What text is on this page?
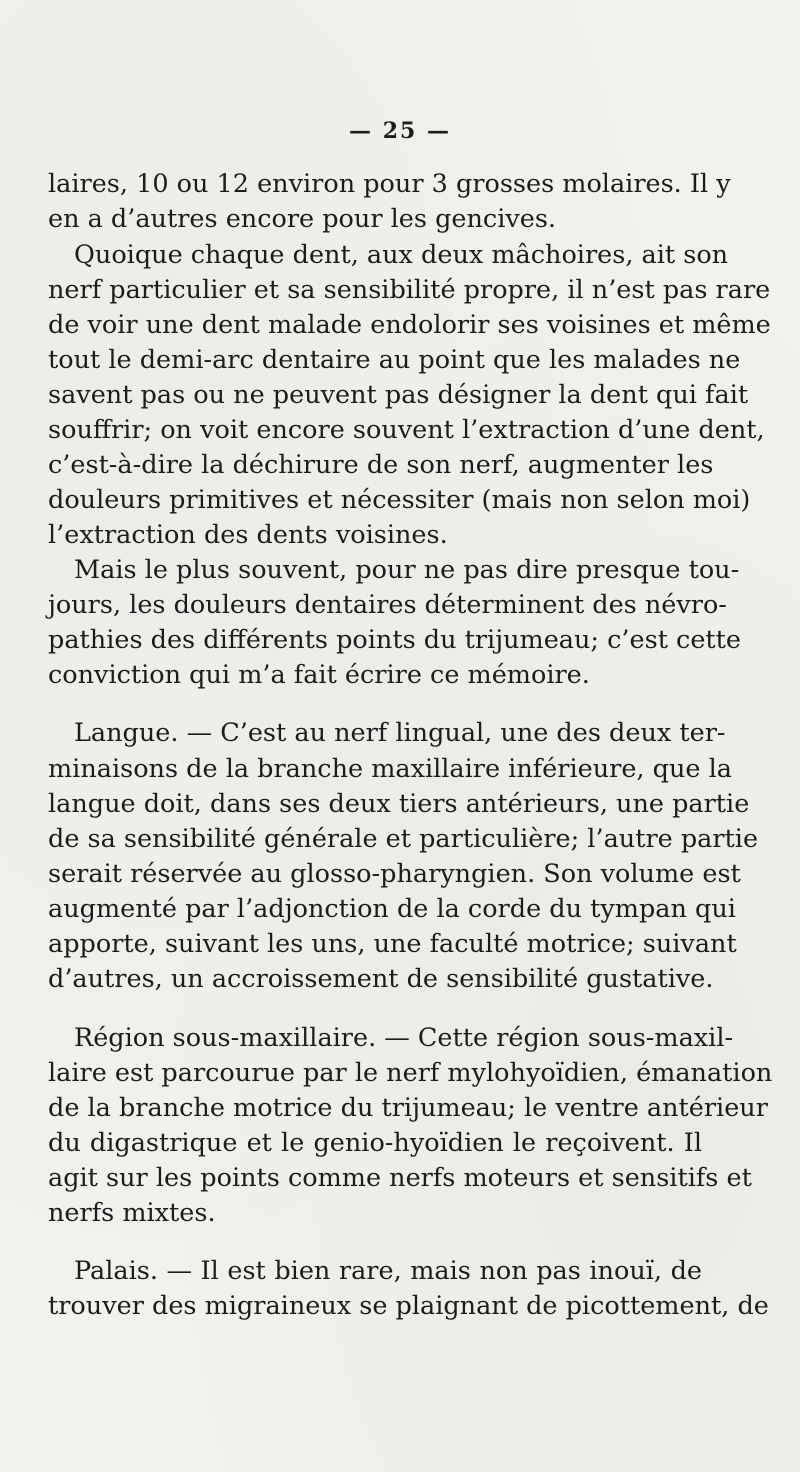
— 25 —
laires, 10 ou 12 environ pour 3 grosses molaires. Il y
en a d’autres encore pour les gencives.
Quoique chaque dent, aux deux mâchoires, ait son
nerf particulier et sa sensibilité propre, il n’est pas rare
de voir une dent malade endolorir ses voisines et même
tout le demi-arc dentaire au point que les malades ne
savent pas ou ne peuvent pas désigner la dent qui fait
souffrir; on voit encore souvent l’extraction d’une dent,
c’est-à-dire la déchirure de son nerf, augmenter les
douleurs primitives et nécessiter (mais non selon moi)
l’extraction des dents voisines.
Mais le plus souvent, pour ne pas dire presque tou-
jours, les douleurs dentaires déterminent des névro-
pathies des différents points du trijumeau; c’est cette
conviction qui m’a fait écrire ce mémoire.
Langue. — C’est au nerf lingual, une des deux ter-
minaisons de la branche maxillaire inférieure, que la
langue doit, dans ses deux tiers antérieurs, une partie
de sa sensibilité générale et particulière; l’autre partie
serait réservée au glosso-pharyngien. Son volume est
augmenté par l’adjonction de la corde du tympan qui
apporte, suivant les uns, une faculté motrice; suivant
d’autres, un accroissement de sensibilité gustative.
Région sous-maxillaire. — Cette région sous-maxil-
laire est parcourue par le nerf mylohyoïdien, émanation
de la branche motrice du trijumeau; le ventre antérieur
du digastrique et le genio-hyoïdien le reçoivent. Il
agit sur les points comme nerfs moteurs et sensitifs et
nerfs mixtes.
Palais. — Il est bien rare, mais non pas inouï, de
trouver des migraineux se plaignant de picottement, de
